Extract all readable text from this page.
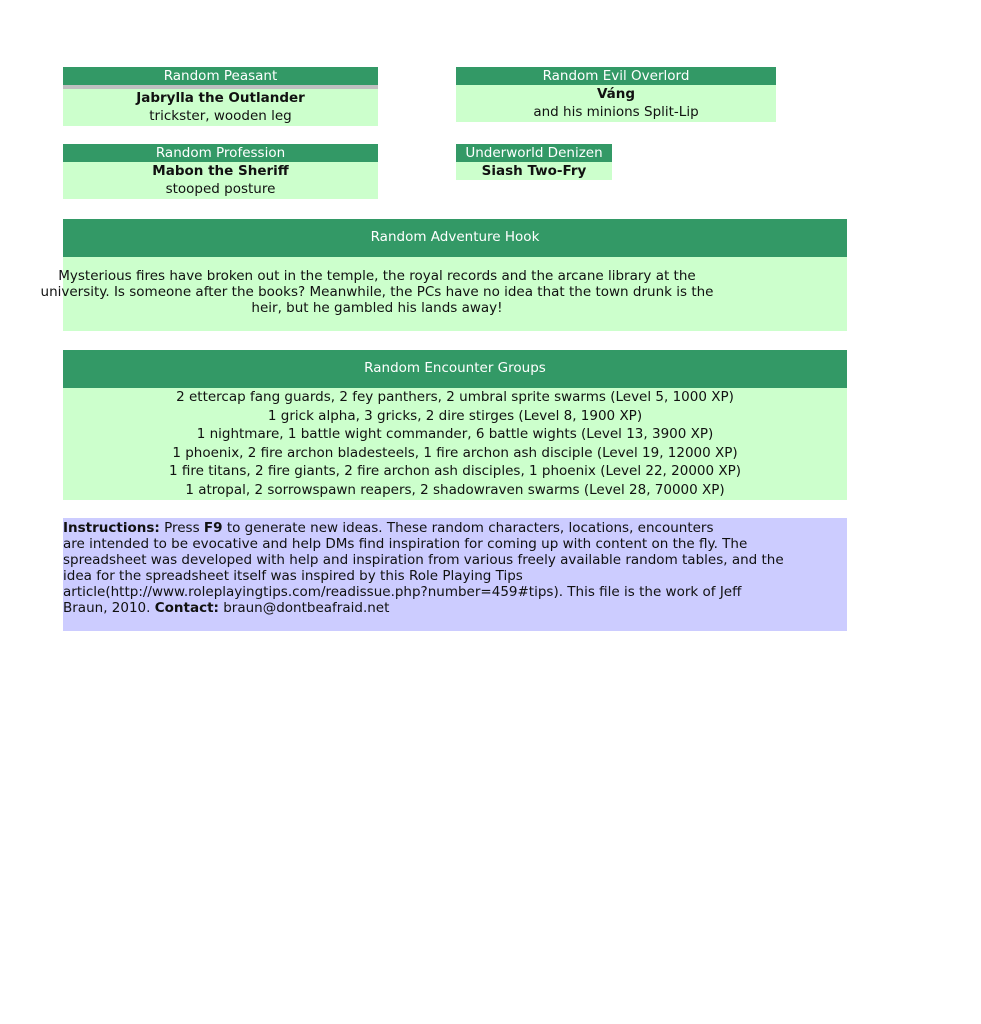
Random Peasant
Jabrylla the Outlander
trickster, wooden leg
Random Evil Overlord
Váng
and his minions Split-Lip
Random Profession
Mabon the Sheriff
stooped posture
Underworld Denizen
Siash Two-Fry
Random Adventure Hook
Mysterious fires have broken out in the temple, the royal records and the arcane library at the
university. Is someone after the books? Meanwhile, the PCs have no idea that the town drunk is the
heir, but he gambled his lands away!
Random Encounter Groups
2 ettercap fang guards, 2 fey panthers, 2 umbral sprite swarms (Level 5, 1000 XP)
1 grick alpha, 3 gricks, 2 dire stirges (Level 8, 1900 XP)
1 nightmare, 1 battle wight commander, 6 battle wights (Level 13, 3900 XP)
1 phoenix, 2 fire archon bladesteels, 1 fire archon ash disciple (Level 19, 12000 XP)
1 fire titans, 2 fire giants, 2 fire archon ash disciples, 1 phoenix (Level 22, 20000 XP)
1 atropal, 2 sorrowspawn reapers, 2 shadowraven swarms (Level 28, 70000 XP)

Instructions: Press F9 to generate new ideas. These random characters, locations, encounters

are intended to be evocative and help DMs find inspiration for coming up with content on the fly. The

spreadsheet was developed with help and inspiration from various freely available random tables, and the

idea for the spreadsheet itself was inspired by this Role Playing Tips

article(http://www.roleplayingtips.com/readissue.php?number=459#tips). This file is the work of Jeff

Braun, 2010. Contact: braun@dontbeafraid.net
